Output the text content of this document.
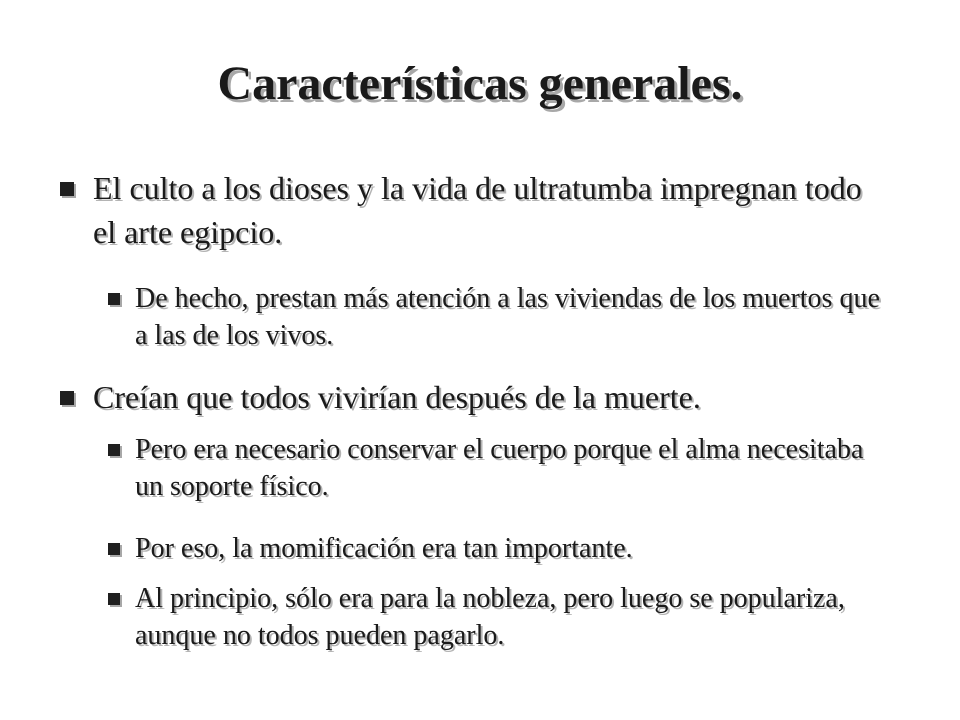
Características generales.
El culto a los dioses y la vida de ultratumba impregnan todo el arte egipcio.
De hecho, prestan más atención a las viviendas de los muertos que a las de los vivos.
Creían que todos vivirían después de la muerte.
Pero era necesario conservar el cuerpo porque el alma necesitaba un soporte físico.
Por eso, la momificación era tan importante.
Al principio, sólo era para la nobleza, pero luego se populariza, aunque no todos pueden pagarlo.
